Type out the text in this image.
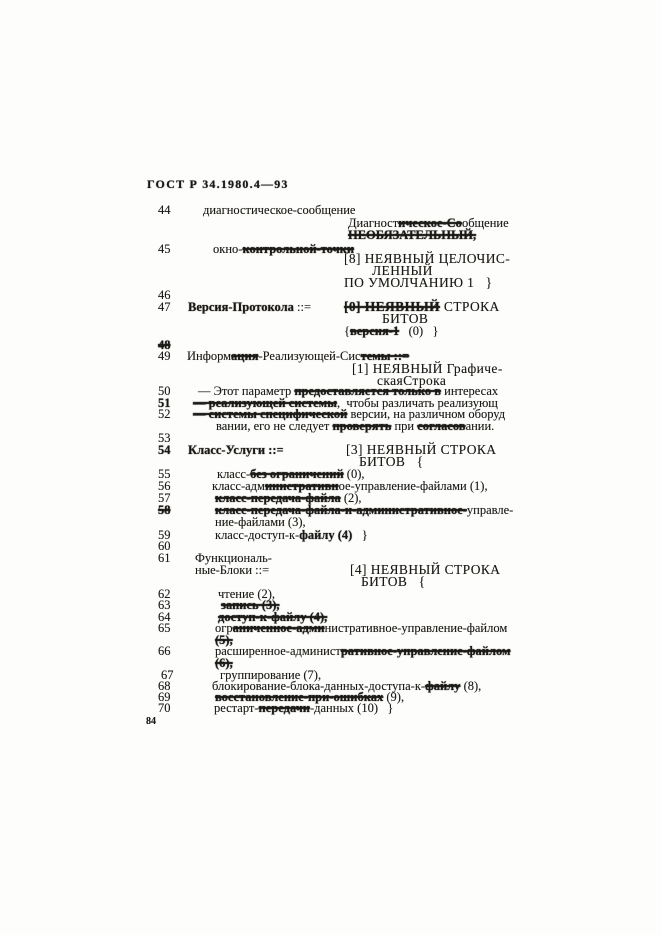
ГОСТ Р 34.1980.4—93
44	диагностическое-сообщение
Диагностическое-Сообщение
НЕОБЯЗАТЕЛЬНЫЙ,
45	окно-контрольной-точки
[8] НЕЯВНЫЙ ЦЕЛОЧИС-
ЛЕННЫЙ
ПО УМОЛЧАНИЮ 1   }
46
47 Версия-Протокола ::= [0] НЕЯВНЫЙ СТРОКА
БИТОВ
{версия-1   (0)   }
48
49 Информация-Реализующей-Системы ::=
[1] НЕЯВНЫЙ Графиче-
скаяСтрока
50 — Этот параметр предоставляется только в интересах
51 — реализующей системы,  чтобы различать реализующ
52 — системы специфической версии, на различном оборуд
вании, его не следует проверять при согласовании.
53
54 Класс-Услуги ::=	[3] НЕЯВНЫЙ СТРОКА
БИТОВ   {
55	класс-без ограничений (0),
56	класс-административное-управление-файлами (1),
57	класс-передача-файла (2),
58	класс-передача-файла-и-административное-управле-
ние-файлами (3),
59	класс-доступ-к-файлу (4)   }
60
61 Функциональ-
ные-Блоки ::=	[4] НЕЯВНЫЙ СТРОКА
БИТОВ   {
62	чтение (2),
63	запись (3),
64	доступ-к-файлу (4),
65	ограниченное-административное-управление-файлом
(5),
66	расширенное-административное-управление-файлом
(6),
67	группирование (7),
68	блокирование-блока-данных-доступа-к-файлу (8),
69	восстановление-при-ошибках (9),
70	рестарт-передачи-данных (10)   }
84
